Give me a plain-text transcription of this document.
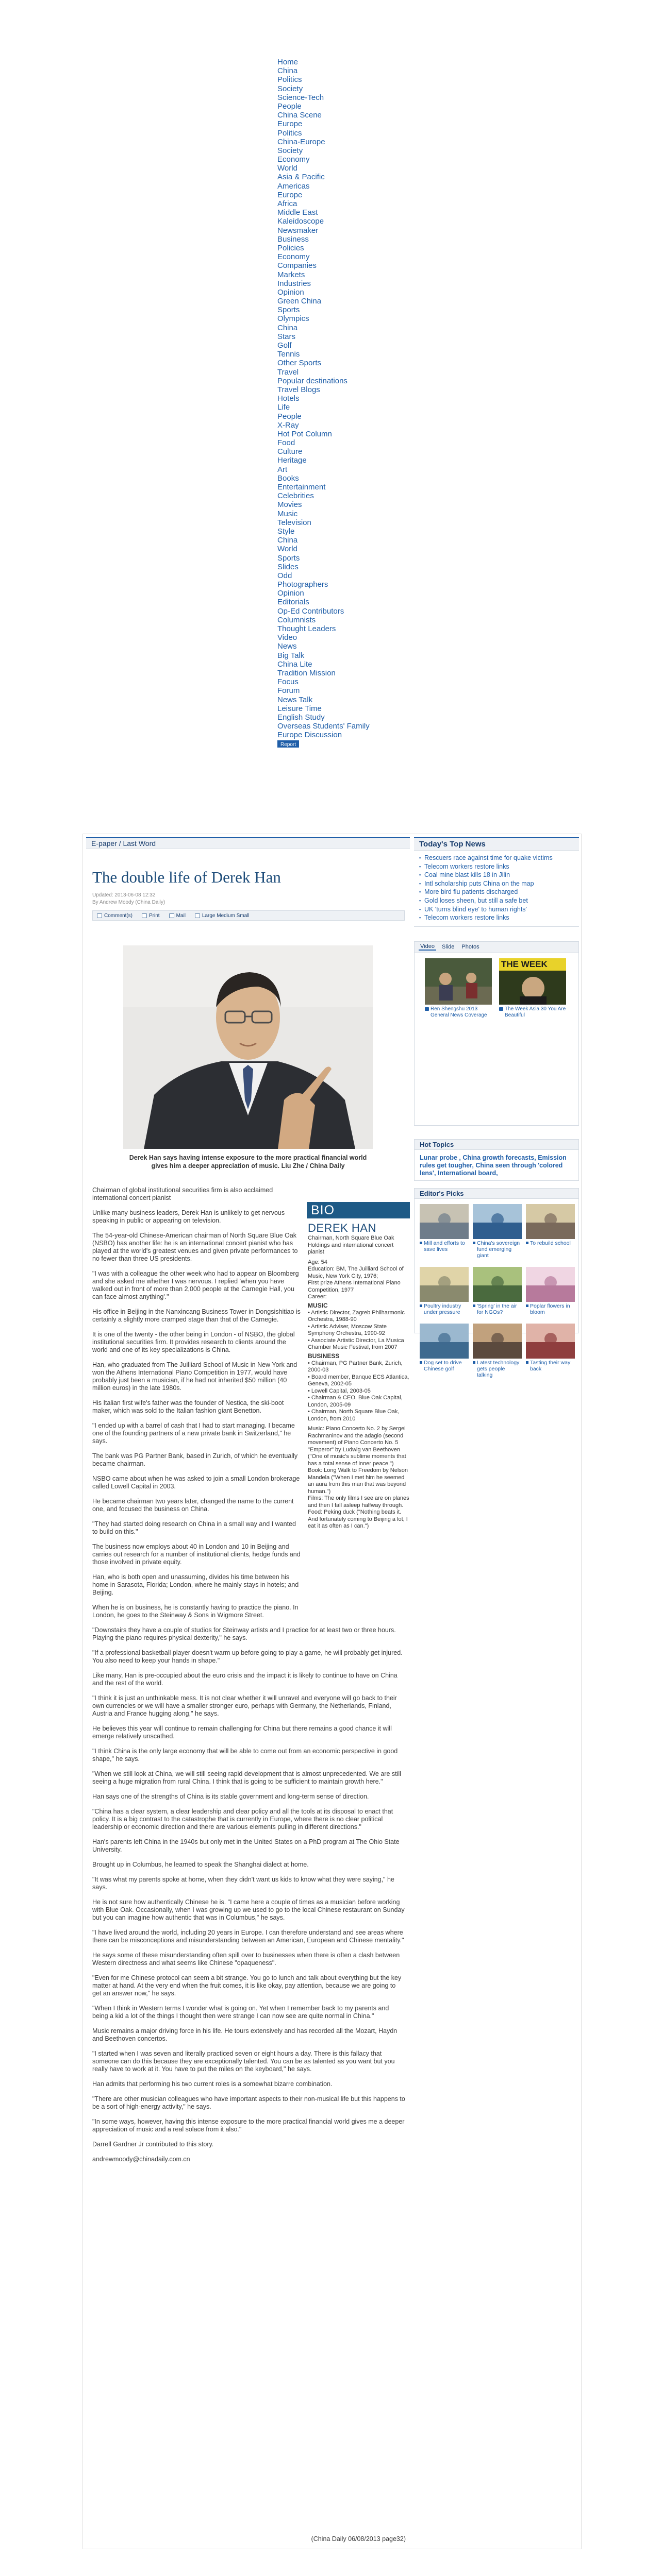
Home
China
Politics
Society
Science-Tech
People
China Scene
Europe
Politics
China-Europe
Society
Economy
World
Asia & Pacific
Americas
Europe
Africa
Middle East
Kaleidoscope
Newsmaker
Business
Policies
Economy
Companies
Markets
Industries
Opinion
Green China
Sports
Olympics
China
Stars
Golf
Tennis
Other Sports
Travel
Popular destinations
Travel Blogs
Hotels
Life
People
X-Ray
Hot Pot Column
Food
Culture
Heritage
Art
Books
Entertainment
Celebrities
Movies
Music
Television
Style
China
World
Sports
Slides
Odd
Photographers
Opinion
Editorials
Op-Ed Contributors
Columnists
Thought Leaders
Video
News
Big Talk
China Lite
Tradition Mission
Focus
Forum
News Talk
Leisure Time
English Study
Overseas Students' Family
Europe Discussion
Report
E-paper / Last Word
The double life of Derek Han
Updated: 2013-06-08 12:32
By Andrew Moody (China Daily)
Comment(s)	Print	Mail	Large Medium Small
Derek Han says having intense exposure to the more practical financial world gives him a deeper appreciation of music. Liu Zhe / China Daily

Chairman of global institutional securities firm is also acclaimed international concert pianist

Unlike many business leaders, Derek Han is unlikely to get nervous speaking in public or appearing on television.

The 54-year-old Chinese-American chairman of North Square Blue Oak (NSBO) has another life: he is an international concert pianist who has played at the world's greatest venues and given private performances to no fewer than three US presidents.

"I was with a colleague the other week who had to appear on Bloomberg and she asked me whether I was nervous. I replied 'when you have walked out in front of more than 2,000 people at the Carnegie Hall, you can face almost anything'."

His office in Beijing in the Nanxincang Business Tower in Dongsishitiao is certainly a slightly more cramped stage than that of the Carnegie.

It is one of the twenty - the other being in London - of NSBO, the global institutional securities firm. It provides research to clients around the world and one of its key specializations is China.

Han, who graduated from The Juilliard School of Music in New York and won the Athens International Piano Competition in 1977, would have probably just been a musician, if he had not inherited $50 million (40 million euros) in the late 1980s.

His Italian first wife's father was the founder of Nestica, the ski-boot maker, which was sold to the Italian fashion giant Benetton.

"I ended up with a barrel of cash that I had to start managing. I became one of the founding partners of a new private bank in Switzerland," he says.

The bank was PG Partner Bank, based in Zurich, of which he eventually became chairman.

NSBO came about when he was asked to join a small London brokerage called Lowell Capital in 2003.

He became chairman two years later, changed the name to the current one, and focused the business on China.

"They had started doing research on China in a small way and I wanted to build on this."

The business now employs about 40 in London and 10 in Beijing and carries out research for a number of institutional clients, hedge funds and those involved in private equity.

Han, who is both open and unassuming, divides his time between his home in Sarasota, Florida; London, where he mainly stays in hotels; and Beijing.

When he is on business, he is constantly having to practice the piano. In London, he goes to the Steinway & Sons in Wigmore Street.

"Downstairs they have a couple of studios for Steinway artists and I practice for at least two or three hours. Playing the piano requires physical dexterity," he says.

"If a professional basketball player doesn't warm up before going to play a game, he will probably get injured. You also need to keep your hands in shape."

Like many, Han is pre-occupied about the euro crisis and the impact it is likely to continue to have on China and the rest of the world.

"I think it is just an unthinkable mess. It is not clear whether it will unravel and everyone will go back to their own currencies or we will have a smaller stronger euro, perhaps with Germany, the Netherlands, Finland, Austria and France hugging along," he says.

He believes this year will continue to remain challenging for China but there remains a good chance it will emerge relatively unscathed.

"I think China is the only large economy that will be able to come out from an economic perspective in good shape," he says.

"When we still look at China, we will still seeing rapid development that is almost unprecedented. We are still seeing a huge migration from rural China. I think that is going to be sufficient to maintain growth here."

Han says one of the strengths of China is its stable government and long-term sense of direction.

"China has a clear system, a clear leadership and clear policy and all the tools at its disposal to enact that policy. It is a big contrast to the catastrophe that is currently in Europe, where there is no clear political leadership or economic direction and there are various elements pulling in different directions."

Han's parents left China in the 1940s but only met in the United States on a PhD program at The Ohio State University.

Brought up in Columbus, he learned to speak the Shanghai dialect at home.

"It was what my parents spoke at home, when they didn't want us kids to know what they were saying," he says.

He is not sure how authentically Chinese he is. "I came here a couple of times as a musician before working with Blue Oak. Occasionally, when I was growing up we used to go to the local Chinese restaurant on Sunday but you can imagine how authentic that was in Columbus," he says.

"I have lived around the world, including 20 years in Europe. I can therefore understand and see areas where there can be misconceptions and misunderstanding between an American, European and Chinese mentality."

He says some of these misunderstanding often spill over to businesses when there is often a clash between Western directness and what seems like Chinese "opaqueness".

"Even for me Chinese protocol can seem a bit strange. You go to lunch and talk about everything but the key matter at hand. At the very end when the fruit comes, it is like okay, pay attention, because we are going to get an answer now," he says.

"When I think in Western terms I wonder what is going on. Yet when I remember back to my parents and being a kid a lot of the things I thought then were strange I can now see are quite normal in China."

Music remains a major driving force in his life. He tours extensively and has recorded all the Mozart, Haydn and Beethoven concertos.

"I started when I was seven and literally practiced seven or eight hours a day. There is this fallacy that someone can do this because they are exceptionally talented. You can be as talented as you want but you really have to work at it. You have to put the miles on the keyboard," he says.

Han admits that performing his two current roles is a somewhat bizarre combination.

"There are other musician colleagues who have important aspects to their non-musical life but this happens to be a sort of high-energy activity," he says.

"In some ways, however, having this intense exposure to the more practical financial world gives me a deeper appreciation of music and a real solace from it also."

Darrell Gardner Jr contributed to this story.

andrewmoody@chinadaily.com.cn

BIO
DEREK HAN
Chairman, North Square Blue Oak Holdings and international concert pianist
Age: 54
Education: BM, The Juilliard School of Music, New York City, 1976;
First prize Athens International Piano Competition, 1977
Career:
MUSIC
• Artistic Director, Zagreb Philharmonic Orchestra, 1988-90
• Artistic Adviser, Moscow State Symphony Orchestra, 1990-92
• Associate Artistic Director, La Musica Chamber Music Festival, from 2007
BUSINESS
• Chairman, PG Partner Bank, Zurich, 2000-03
• Board member, Banque ECS Atlantica, Geneva, 2002-05
• Lowell Capital, 2003-05
• Chairman & CEO, Blue Oak Capital, London, 2005-09
• Chairman, North Square Blue Oak, London, from 2010
Music: Piano Concerto No. 2 by Sergei Rachmaninov and the adagio (second movement) of Piano Concerto No. 5 "Emperor" by Ludwig van Beethoven ("One of music's sublime moments that has a total sense of inner peace.")
Book: Long Walk to Freedom by Nelson Mandela ("When I met him he seemed an aura from this man that was beyond human.")
Films: The only films I see are on planes and then I fall asleep halfway through.
Food: Peking duck ("Nothing beats it. And fortunately coming to Beijing a lot, I eat it as often as I can.")
(China Daily 06/08/2013 page32)
Today's Top News
▪ Rescuers race against time for quake victims
▪ Telecom workers restore links
▪ Coal mine blast kills 18 in Jilin
▪ Intl scholarship puts China on the map
▪ More bird flu patients discharged
▪ Gold loses sheen, but still a safe bet
▪ UK 'turns blind eye' to human rights'
▪ Telecom workers restore links
Video Slide Photos
Ren Shengshu 2013 General News Coverage
THE WEEK
The Week Asia 30 You Are Beautiful
Hot Topics
Lunar probe , China growth forecasts, Emission rules get tougher, China seen through 'colored lens', International board,
Editor's Picks
Mill and efforts to save lives
China's sovereign fund emerging giant
To rebuild school
Poultry industry under pressure
'Spring' in the air for NGOs?
Poplar flowers in bloom
Dog set to drive Chinese golf
Latest technology gets people talking
Tasting their way back
